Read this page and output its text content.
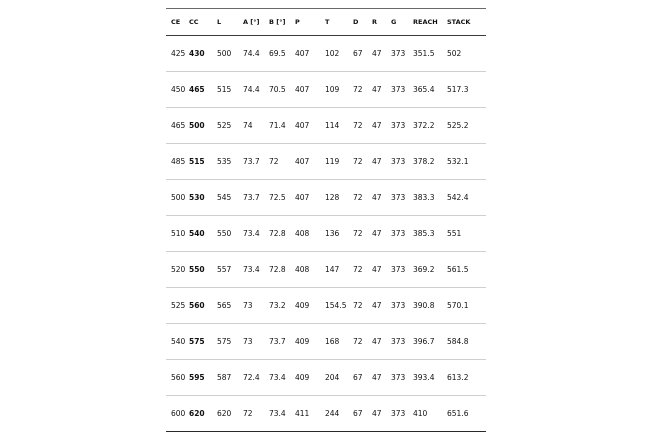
CE	CC	L	A [°]	B [°]	P	T	D	R	G	REACH	STACK
425	430	500	74.4	69.5	407	102	67	47	373	351.5	502
450	465	515	74.4	70.5	407	109	72	47	373	365.4	517.3
465	500	525	74	71.4	407	114	72	47	373	372.2	525.2
485	515	535	73.7	72	407	119	72	47	373	378.2	532.1
500	530	545	73.7	72.5	407	128	72	47	373	383.3	542.4
510	540	550	73.4	72.8	408	136	72	47	373	385.3	551
520	550	557	73.4	72.8	408	147	72	47	373	369.2	561.5
525	560	565	73	73.2	409	154.5	72	47	373	390.8	570.1
540	575	575	73	73.7	409	168	72	47	373	396.7	584.8
560	595	587	72.4	73.4	409	204	67	47	373	393.4	613.2
600	620	620	72	73.4	411	244	67	47	373	410	651.6
